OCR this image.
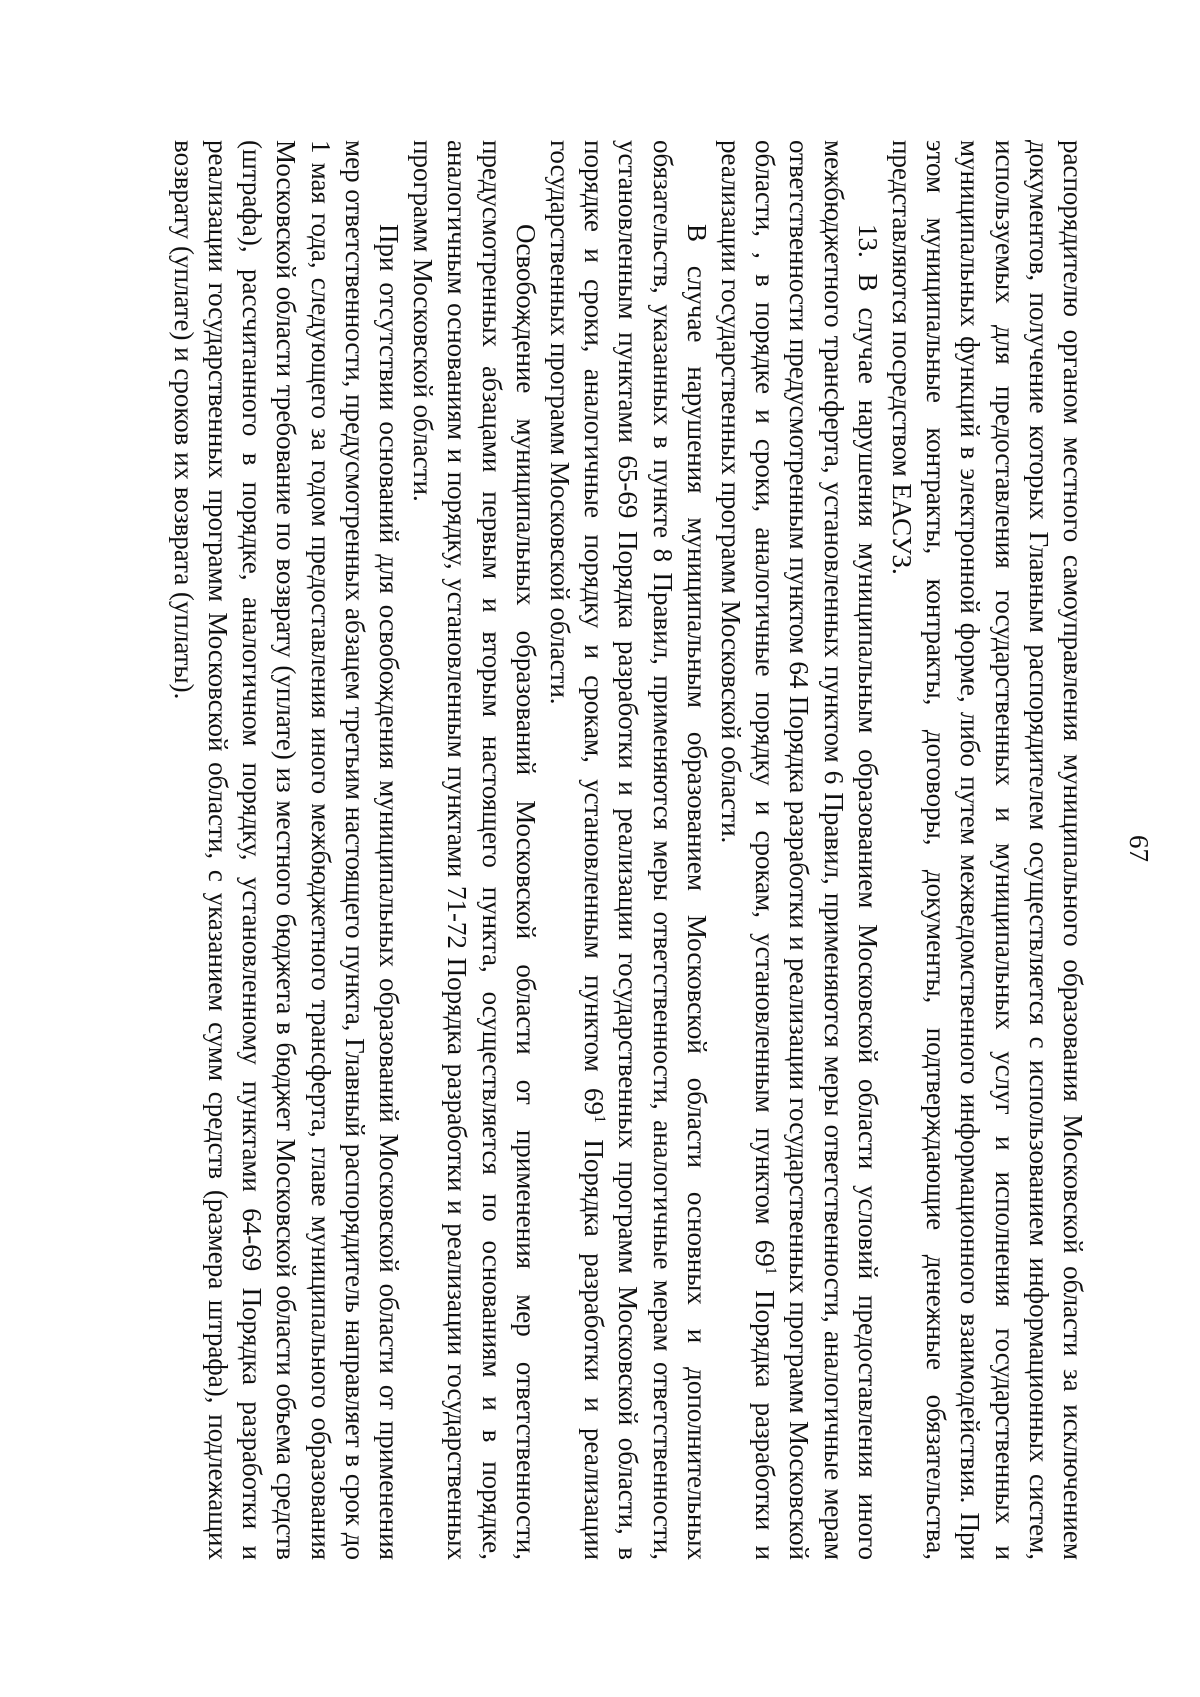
67

распорядителю органом местного самоуправления муниципального образования Московской области за исключением документов, получение которых Главным распорядителем осуществляется с использованием информационных систем, используемых для предоставления государственных и муниципальных услуг и исполнения государственных и муниципальных функций в электронной форме, либо путем межведомственного информационного взаимодействия. При этом муниципальные контракты, контракты, договоры, документы, подтверждающие денежные обязательства, представляются посредством ЕАСУЗ.

13. В случае нарушения муниципальным образованием Московской области условий предоставления иного межбюджетного трансферта, установленных пунктом 6 Правил, применяются меры ответственности, аналогичные мерам ответственности предусмотренным пунктом 64 Порядка разработки и реализации государственных программ Московской области, , в порядке и сроки, аналогичные порядку и срокам, установленным пунктом $69^1$ Порядка разработки и реализации государственных программ Московской области.

В случае нарушения муниципальным образованием Московской области основных и дополнительных обязательств, указанных в пункте 8 Правил, применяются меры ответственности, аналогичные мерам ответственности, установленным пунктами 65-69 Порядка разработки и реализации государственных программ Московской области, в порядке и сроки, аналогичные порядку и срокам, установленным пунктом $69^1$ Порядка разработки и реализации государственных программ Московской области.

Освобождение муниципальных образований Московской области от применения мер ответственности, предусмотренных абзацами первым и вторым настоящего пункта, осуществляется по основаниям и в порядке, аналогичным основаниям и порядку, установленным пунктами 71-72 Порядка разработки и реализации государственных программ Московской области.

При отсутствии оснований для освобождения муниципальных образований Московской области от применения мер ответственности, предусмотренных абзацем третьим настоящего пункта, Главный распорядитель направляет в срок до 1 мая года, следующего за годом предоставления иного межбюджетного трансферта, главе муниципального образования Московской области требование по возврату (уплате) из местного бюджета в бюджет Московской области объема средств (штрафа), рассчитанного в порядке, аналогичном порядку, установленному пунктами 64-69 Порядка разработки и реализации государственных программ Московской области, с указанием сумм средств (размера штрафа), подлежащих возврату (уплате) и сроков их возврата (уплаты).
